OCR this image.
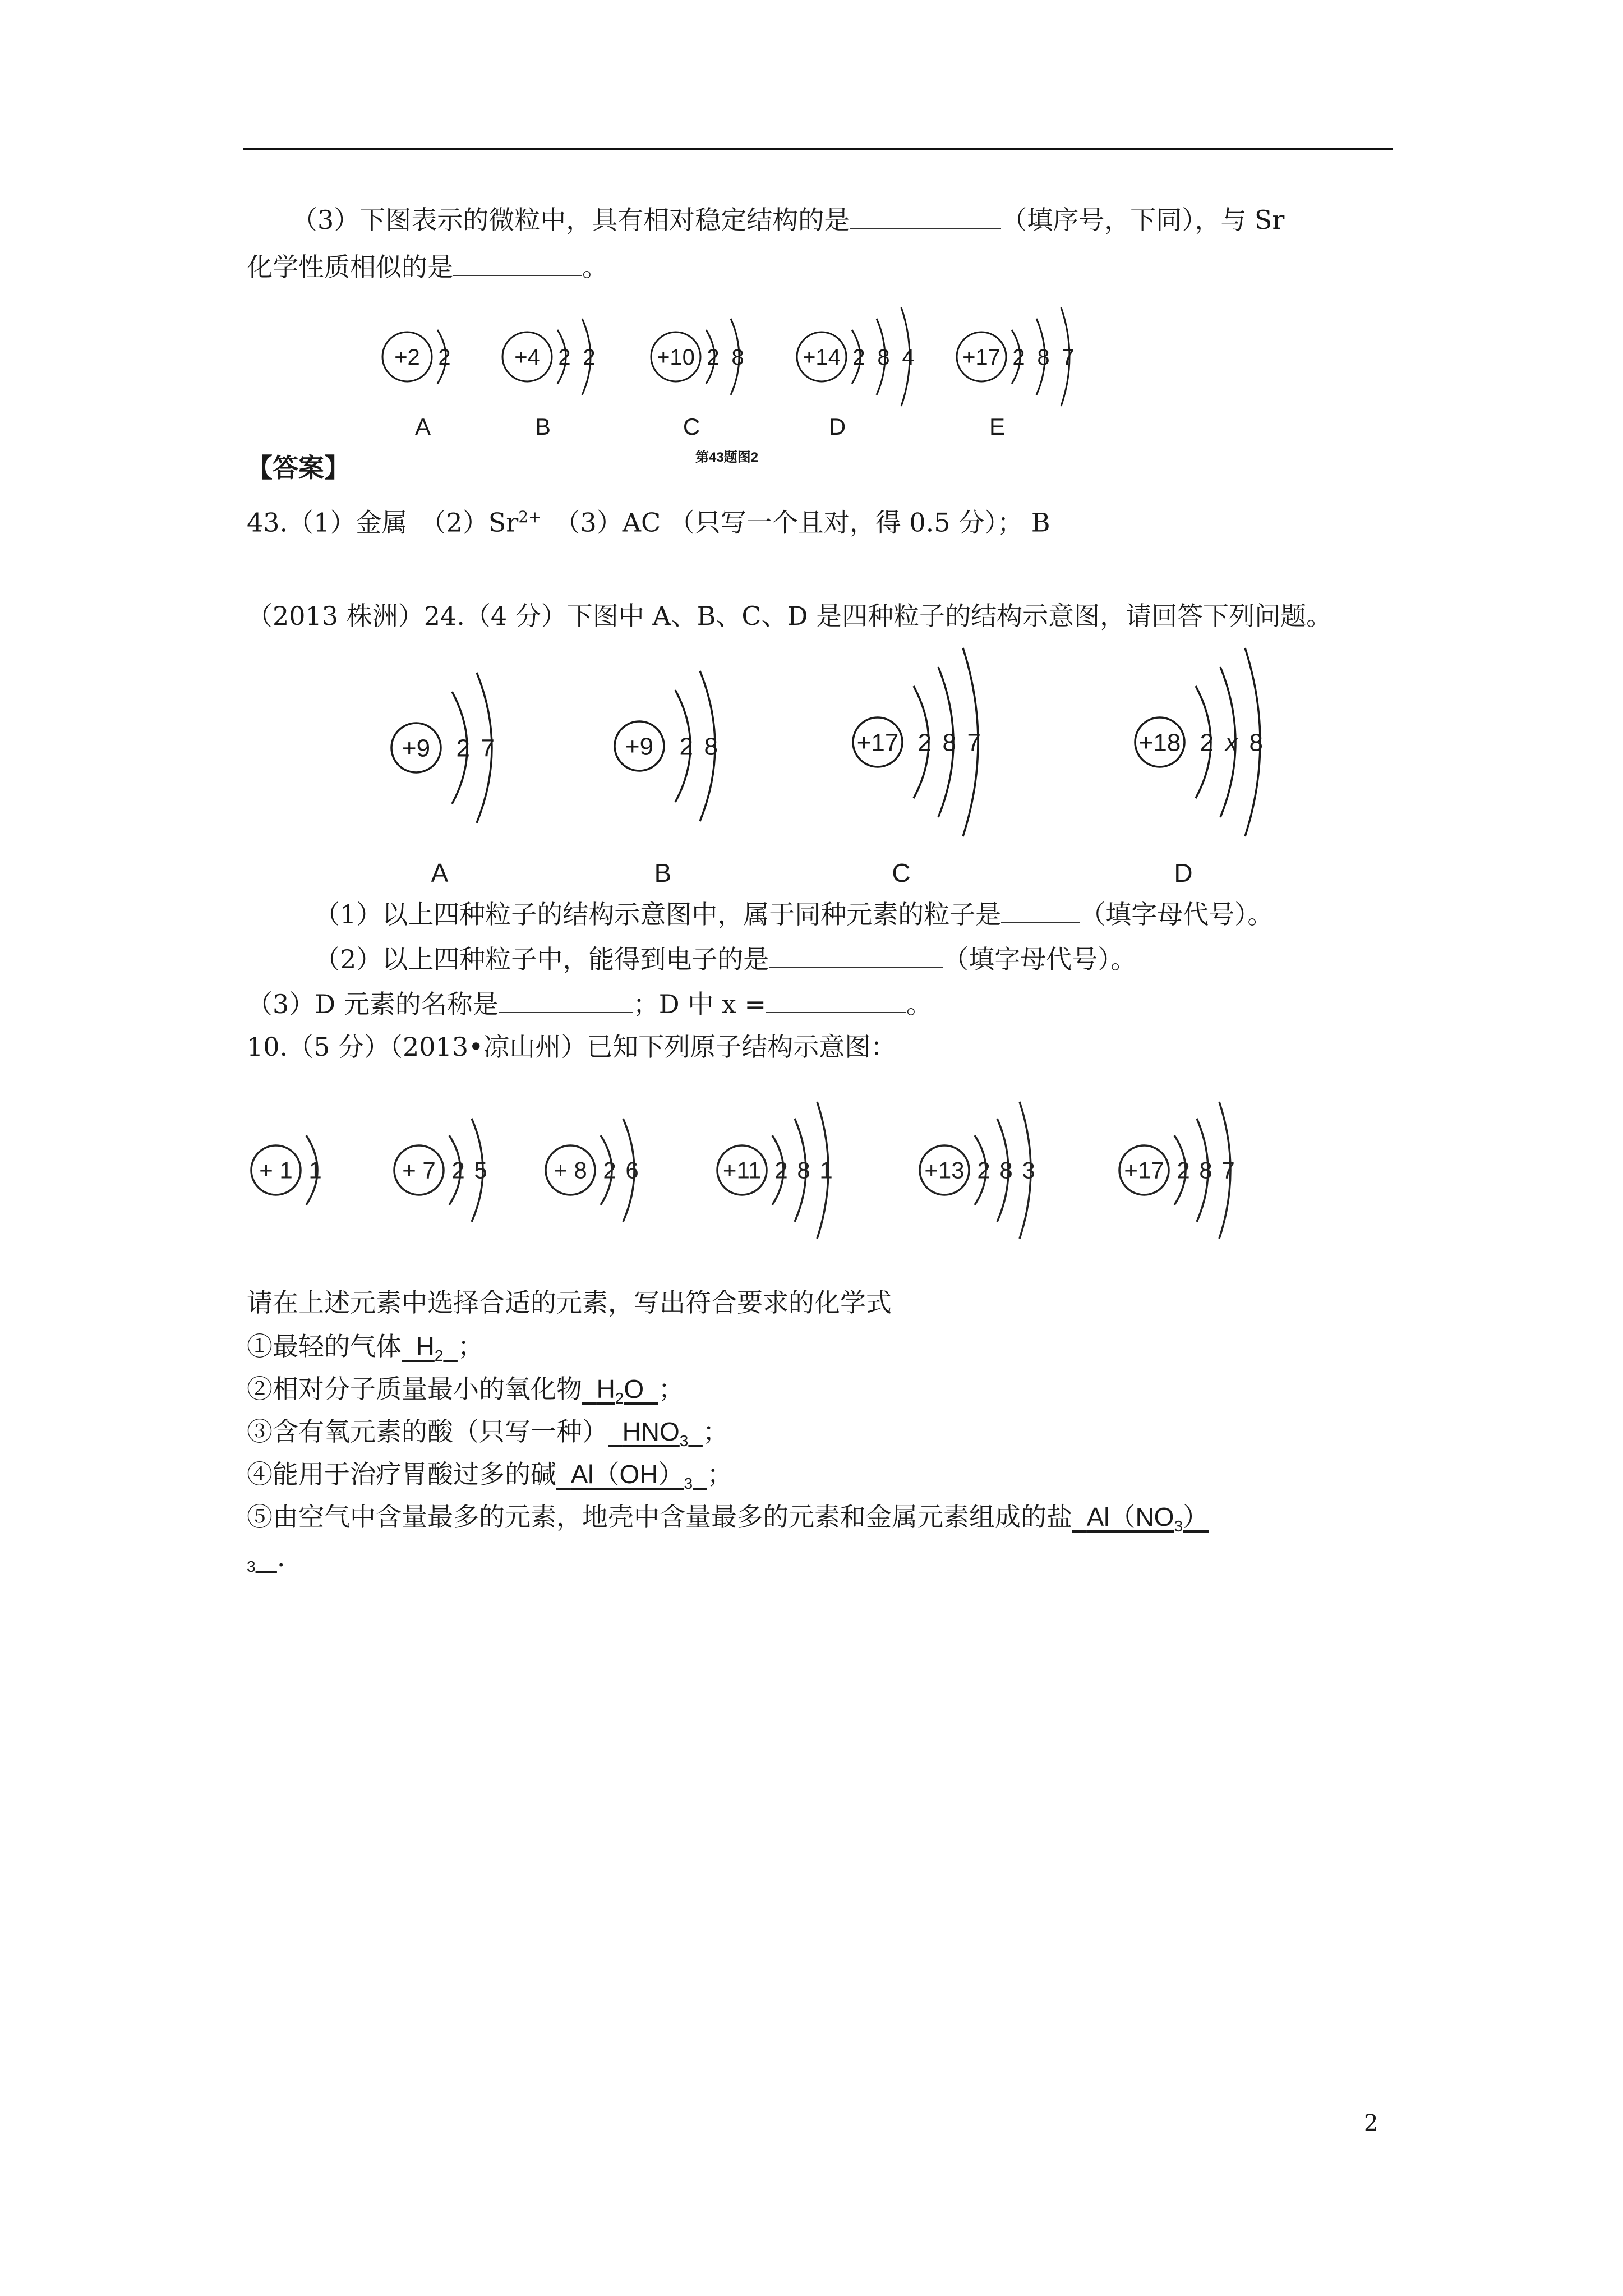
（3）下图表示的微粒中，具有相对稳定结构的是	（填序号，下同），与 Sr
化学性质相似的是	。
+2 2
A
+4 2 2
B
+10 2 8
C
+14 2 8 4
D
+17 2 8 7
E
第43题图2
【答案】
43.（1）金属　$(2)Sr^{2+}$　 （3）AC （只写一个且对，得 0.5 分）； B
（2013 株洲）24.（4 分）下图中 A、B、C、D 是四种粒子的结构示意图，请回答下列问题。
+9 2 7
A
+9 2 8
B
+17 2 8 7
C
+18 2 x 8
D
（1）以上四种粒子的结构示意图中，属于同种元素的粒子是	（填字母代号）。
（2）以上四种粒子中，能得到电子的是	（填字母代号）。
（3）D 元素的名称是	；D 中 x =	。
10.（5 分）（2013•凉山州）已知下列原子结构示意图：
+ 1 1	+ 7 2 5	+ 8 2 6	+11 2 8 1	+13 2 8 3	+17 2 8 7
请在上述元素中选择合适的元素，写出符合要求的化学式
①最轻的气体 $H_2$ ；
②相对分子质量最小的氧化物 $H_2O$ ；
③含有氧元素的酸（只写一种） $HNO_3$ ；
④能用于治疗胃酸过多的碱 $Al(OH)_3$ ；
⑤由空气中含量最多的元素，地壳中含量最多的元素和金属元素组成的盐 $Al(NO_3)$
$_3$ .
2
